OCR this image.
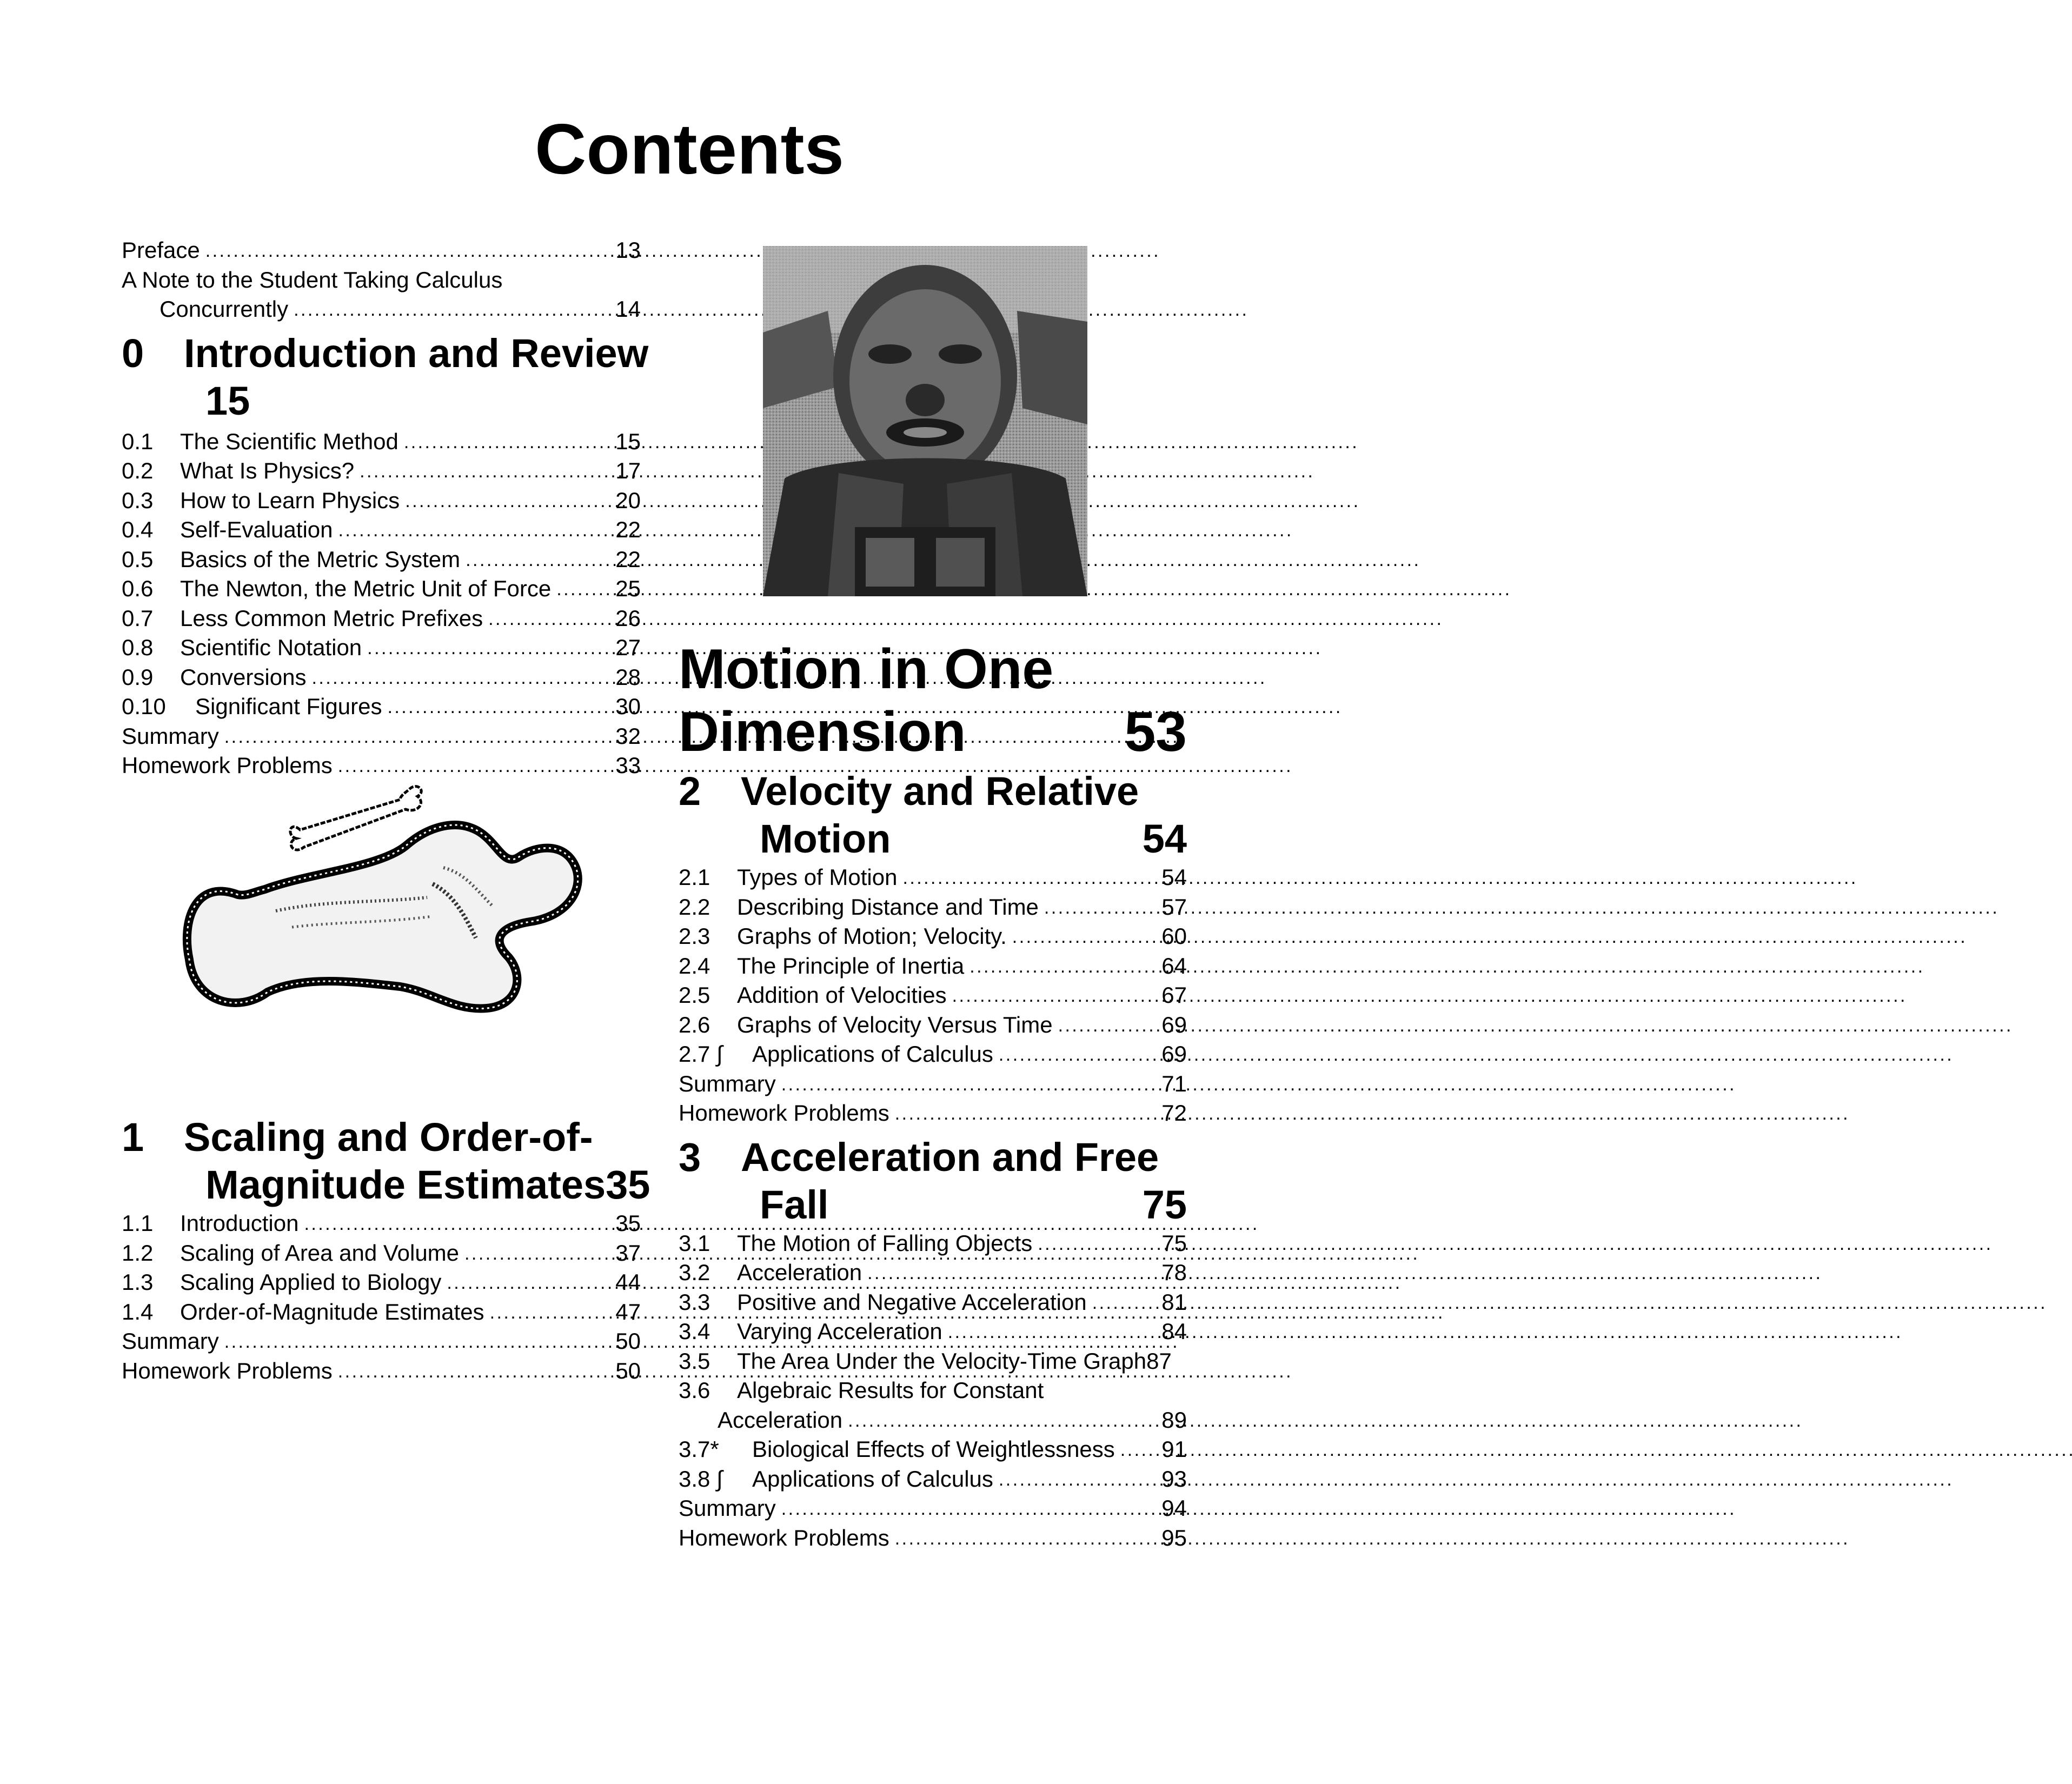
Contents
Preface . . .	13
A Note to the Student Taking Calculus
Concurrently . . .	14
0 Introduction and Review
15
0.1	The Scientific Method . . .	15
0.2	What Is Physics? . . .	17
0.3	How to Learn Physics . . .	20
0.4	Self-Evaluation . . .	22
0.5	Basics of the Metric System . . .	22
0.6	The Newton, the Metric Unit of Force . . .	25
0.7	Less Common Metric Prefixes . . .	26
0.8	Scientific Notation . . .	27
0.9	Conversions . . .	28
0.10	Significant Figures . . .	30
Summary . . .	32
Homework Problems . . .	33
1 Scaling and Order-of-
Magnitude Estimates 35
1.1	Introduction . . .	35
1.2	Scaling of Area and Volume . . .	37
1.3	Scaling Applied to Biology . . .	44
1.4	Order-of-Magnitude Estimates . . .	47
Summary . . .	50
Homework Problems . . .	50
Motion in One
Dimension	53
2 Velocity and Relative
Motion	54
2.1	Types of Motion . . .	54
2.2	Describing Distance and Time . . .	57
2.3	Graphs of Motion; Velocity. . . .	60
2.4	The Principle of Inertia . . .	64
2.5	Addition of Velocities . . .	67
2.6	Graphs of Velocity Versus Time . . .	69
2.7 ∫	Applications of Calculus . . .	69
Summary . . .	71
Homework Problems . . .	72
3 Acceleration and Free
Fall	75
3.1	The Motion of Falling Objects . . .	75
3.2	Acceleration . . .	78
3.3	Positive and Negative Acceleration . . .	81
3.4	Varying Acceleration . . .	84
3.5	The Area Under the Velocity-Time Graph 87
3.6	Algebraic Results for Constant
Acceleration . . .	89
3.7*	Biological Effects of Weightlessness . . . 91
3.8 ∫	Applications of Calculus . . .	93
Summary . . .	94
Homework Problems . . .	95
